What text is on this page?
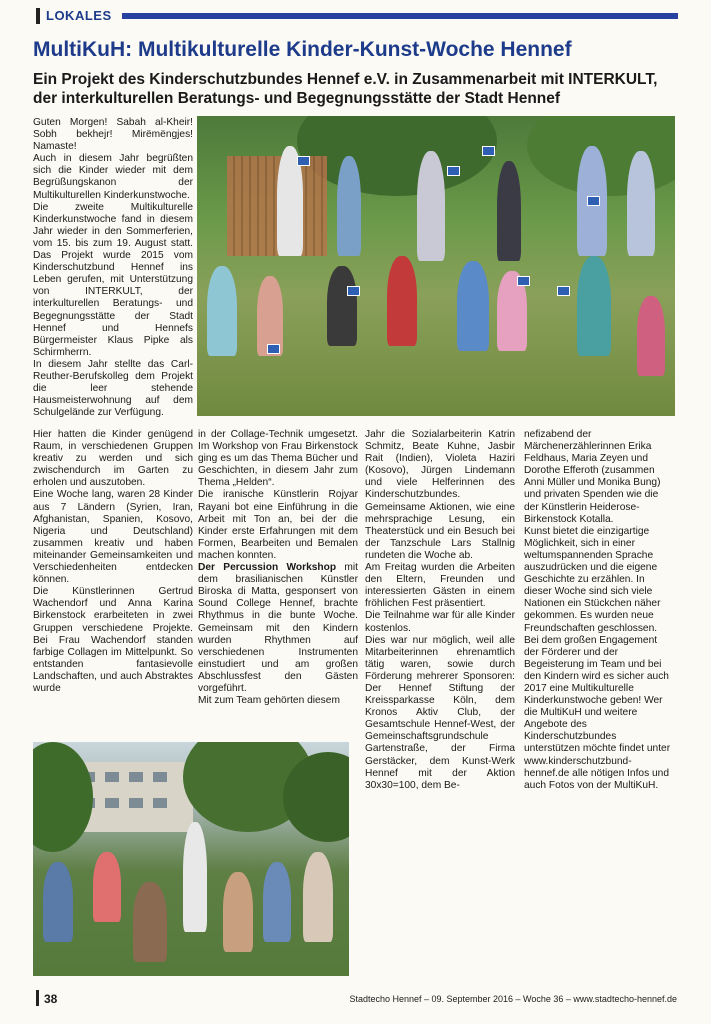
LOKALES
MultiKuH: Multikulturelle Kinder-Kunst-Woche Hennef

Ein Projekt des Kinderschutzbundes Hennef e.V. in Zusammenarbeit mit INTERKULT, der interkulturellen Beratungs- und Begegnungsstätte der Stadt Hennef

Guten Morgen! Sabah al-Kheir! Sobh bekhejr! Mirëmëngjes! Namaste!

Auch in diesem Jahr begrüßten sich die Kinder wieder mit dem Begrüßungskanon der Multikulturellen Kinderkunstwoche.

Die zweite Multikulturelle Kinderkunstwoche fand in diesem Jahr wieder in den Sommerferien, vom 15. bis zum 19. August statt. Das Projekt wurde 2015 vom Kinderschutzbund Hennef ins Leben gerufen, mit Unterstützung von INTERKULT, der interkulturellen Beratungs- und Begegnungsstätte der Stadt Hennef und Hennefs Bürgermeister Klaus Pipke als Schirmherrn.

In diesem Jahr stellte das Carl-Reuther-Berufskolleg dem Projekt die leer stehende Hausmeisterwohnung auf dem Schulgelände zur Verfügung.

Hier hatten die Kinder genügend Raum, in verschiedenen Gruppen kreativ zu werden und sich zwischendurch im Garten zu erholen und auszutoben.

Eine Woche lang, waren 28 Kinder aus 7 Ländern (Syrien, Iran, Afghanistan, Spanien, Kosovo, Nigeria und Deutschland) zusammen kreativ und haben miteinander Gemeinsamkeiten und Verschiedenheiten entdecken können.

Die Künstlerinnen Gertrud Wachendorf und Anna Karina Birkenstock erarbeiteten in zwei Gruppen verschiedene Projekte. Bei Frau Wachendorf standen farbige Collagen im Mittelpunkt. So entstanden fantasievolle Landschaften, und auch Abstraktes wurde

in der Collage-Technik umgesetzt. Im Workshop von Frau Birkenstock ging es um das Thema Bücher und Geschichten, in diesem Jahr zum Thema „Helden“.

Die iranische Künstlerin Rojyar Rayani bot eine Einführung in die Arbeit mit Ton an, bei der die Kinder erste Erfahrungen mit dem Formen, Bearbeiten und Bemalen machen konnten.

Der Percussion Workshop mit dem brasilianischen Künstler Biroska di Matta, gesponsert von Sound College Hennef, brachte Rhythmus in die bunte Woche. Gemeinsam mit den Kindern wurden Rhythmen auf verschiedenen Instrumenten einstudiert und am großen Abschlussfest den Gästen vorgeführt.

Mit zum Team gehörten diesem

Jahr die Sozialarbeiterin Katrin Schmitz, Beate Kuhne, Jasbir Rait (Indien), Violeta Haziri (Kosovo), Jürgen Lindemann und viele Helferinnen des Kinderschutzbundes.

Gemeinsame Aktionen, wie eine mehrsprachige Lesung, ein Theaterstück und ein Besuch bei der Tanzschule Lars Stallnig rundeten die Woche ab.

Am Freitag wurden die Arbeiten den Eltern, Freunden und interessierten Gästen in einem fröhlichen Fest präsentiert.

Die Teilnahme war für alle Kinder kostenlos.

Dies war nur möglich, weil alle Mitarbeiterinnen ehrenamtlich tätig waren, sowie durch Förderung mehrerer Sponsoren: Der Hennef Stiftung der Kreissparkasse Köln, dem Kronos Aktiv Club, der Gesamtschule Hennef-West, der Gemeinschaftsgrundschule Gartenstraße, der Firma Gerstäcker, dem Kunst-Werk Hennef mit der Aktion 30x30=100, dem Be-

nefizabend der Märchenerzählerinnen Erika Feldhaus, Maria Zeyen und Dorothe Efferoth (zusammen Anni Müller und Monika Bung) und privaten Spenden wie die der Künstlerin Heiderose-Birkenstock Kotalla.

Kunst bietet die einzigartige Möglichkeit, sich in einer weltumspannenden Sprache auszudrücken und die eigene Geschichte zu erzählen. In dieser Woche sind sich viele Nationen ein Stückchen näher gekommen. Es wurden neue Freundschaften geschlossen.

Bei dem großen Engagement der Förderer und der Begeisterung im Team und bei den Kindern wird es sicher auch 2017 eine Multikulturelle Kinderkunstwoche geben! Wer die MultiKuH und weitere Angebote des Kinderschutzbundes unterstützen möchte findet unter www.kinderschutzbund-hennef.de alle nötigen Infos und auch Fotos von der MultiKuH.

38	Stadtecho Hennef – 09. September 2016 – Woche 36 – www.stadtecho-hennef.de
